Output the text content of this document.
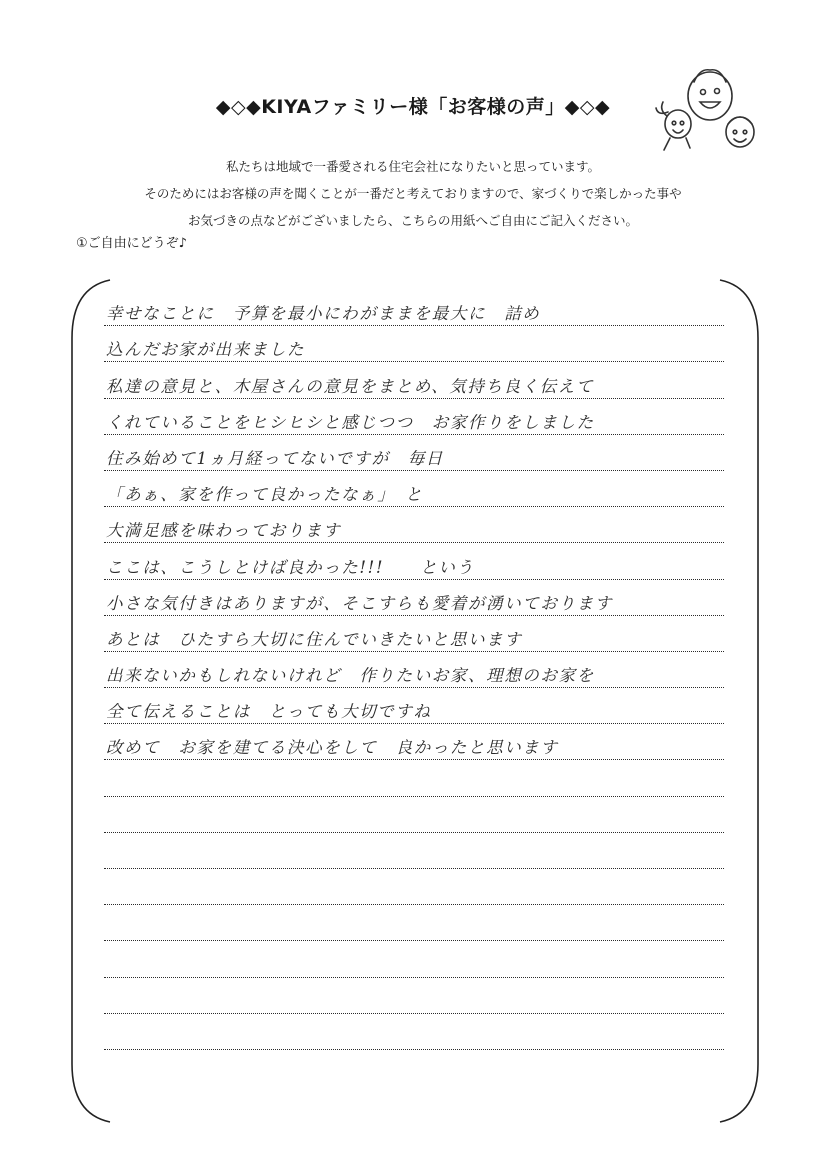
◆◇◆KIYAファミリー様「お客様の声」◆◇◆
私たちは地域で一番愛される住宅会社になりたいと思っています。
そのためにはお客様の声を聞くことが一番だと考えておりますので、家づくりで楽しかった事や
お気づきの点などがございましたら、こちらの用紙へご自由にご記入ください。
①ご自由にどうぞ♪
幸せなことに　予算を最小にわがままを最大に　詰め
込んだお家が出来ました
私達の意見と、木屋さんの意見をまとめ、気持ち良く伝えて
くれていることをヒシヒシと感じつつ　お家作りをしました
住み始めて1ヵ月経ってないですが　毎日
「あぁ、家を作って良かったなぁ」　と
大満足感を味わっております
ここは、こうしとけば良かった!!!　　という
小さな気付きはありますが、そこすらも愛着が湧いております
あとは　ひたすら大切に住んでいきたいと思います
出来ないかもしれないけれど　作りたいお家、理想のお家を
全て伝えることは　とっても大切ですね
改めて　お家を建てる決心をして　良かったと思います
